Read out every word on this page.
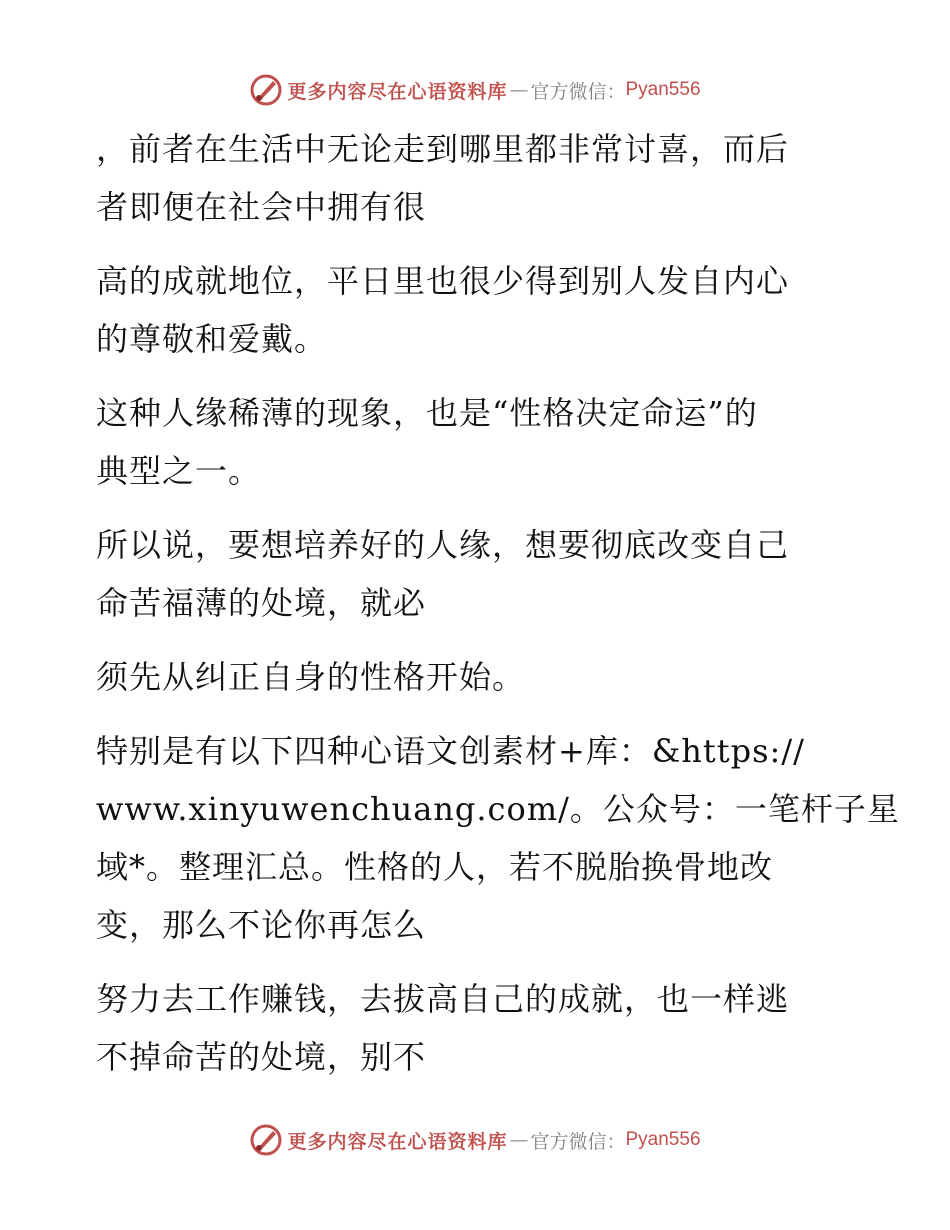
更多内容尽在心语资料库 — 官方微信： Pyan556

，前者在生活中无论走到哪里都非常讨喜，而后
者即便在社会中拥有很

高的成就地位，平日里也很少得到别人发自内心
的尊敬和爱戴。

这种人缘稀薄的现象，也是“性格决定命运”的
典型之一。

所以说，要想培养好的人缘，想要彻底改变自己
命苦福薄的处境，就必

须先从纠正自身的性格开始。

特别是有以下四种心语文创素材+库：&https://
www.xinyuwenchuang.com/。公众号：一笔杆子星
域*。整理汇总。性格的人，若不脱胎换骨地改
变，那么不论你再怎么

努力去工作赚钱，去拔高自己的成就，也一样逃
不掉命苦的处境，别不

更多内容尽在心语资料库 — 官方微信： Pyan556
